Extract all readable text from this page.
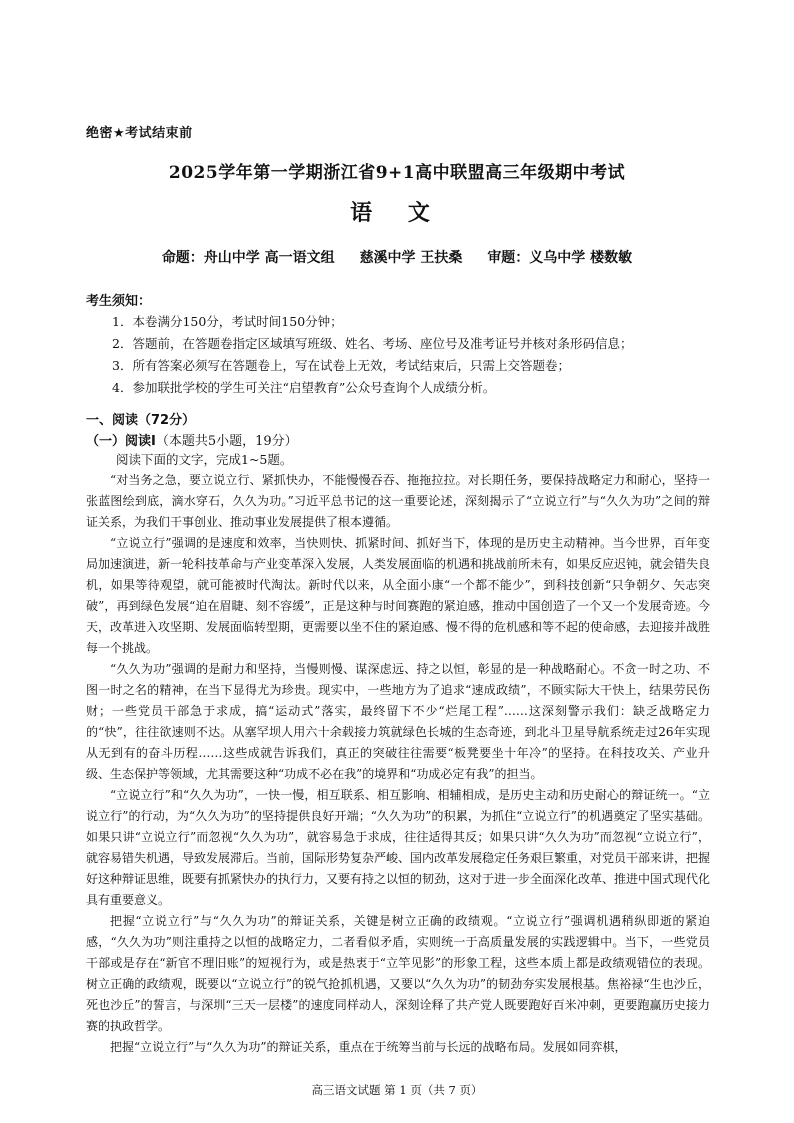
绝密★考试结束前
2025学年第一学期浙江省9+1高中联盟高三年级期中考试
语 文
命题：舟山中学 高一语文组 慈溪中学 王扶桑 审题：义乌中学 楼数敏
考生须知：
1．本卷满分150分，考试时间150分钟；
2．答题前，在答题卷指定区域填写班级、姓名、考场、座位号及准考证号并核对条形码信息；
3．所有答案必须写在答题卷上，写在试卷上无效，考试结束后，只需上交答题卷；
4．参加联批学校的学生可关注“启望教育”公众号查询个人成绩分析。
一、阅读（72分）
（一）阅读Ⅰ（本题共5小题，19分）
阅读下面的文字，完成1~5题。

“对当务之急，要立说立行、紧抓快办，不能慢慢吞吞、拖拖拉拉。对长期任务，要保持战略定力和耐心，坚持一张蓝图绘到底，滴水穿石，久久为功。”习近平总书记的这一重要论述，深刻揭示了“立说立行”与“久久为功”之间的辩证关系，为我们干事创业、推动事业发展提供了根本遵循。

“立说立行”强调的是速度和效率，当快则快、抓紧时间、抓好当下，体现的是历史主动精神。当今世界，百年变局加速演进，新一轮科技革命与产业变革深入发展，人类发展面临的机遇和挑战前所未有，如果反应迟钝，就会错失良机，如果等待观望，就可能被时代淘汰。新时代以来，从全面小康“一个都不能少”，到科技创新“只争朝夕、矢志突破”，再到绿色发展“迫在眉睫、刻不容缓”，正是这种与时间赛跑的紧迫感，推动中国创造了一个又一个发展奇迹。今天，改革进入攻坚期、发展面临转型期，更需要以坐不住的紧迫感、慢不得的危机感和等不起的使命感，去迎接并战胜每一个挑战。

“久久为功”强调的是耐力和坚持，当慢则慢、谋深虑远、持之以恒，彰显的是一种战略耐心。不贪一时之功、不图一时之名的精神，在当下显得尤为珍贵。现实中，一些地方为了追求“速成政绩”，不顾实际大干快上，结果劳民伤财；一些党员干部急于求成，搞“运动式”落实，最终留下不少“烂尾工程”……这深刻警示我们：缺乏战略定力的“快”，往往欲速则不达。从塞罕坝人用六十余载接力筑就绿色长城的生态奇迹，到北斗卫星导航系统走过26年实现从无到有的奋斗历程……这些成就告诉我们，真正的突破往往需要“板凳要坐十年冷”的坚持。在科技攻关、产业升级、生态保护等领域，尤其需要这种“功成不必在我”的境界和“功成必定有我”的担当。

“立说立行”和“久久为功”，一快一慢，相互联系、相互影响、相辅相成，是历史主动和历史耐心的辩证统一。“立说立行”的行动，为“久久为功”的坚持提供良好开端；“久久为功”的积累，为抓住“立说立行”的机遇奠定了坚实基础。如果只讲“立说立行”而忽视“久久为功”，就容易急于求成，往往适得其反；如果只讲“久久为功”而忽视“立说立行”，就容易错失机遇，导致发展滞后。当前，国际形势复杂严峻、国内改革发展稳定任务艰巨繁重，对党员干部来讲，把握好这种辩证思维，既要有抓紧快办的执行力，又要有持之以恒的韧劲，这对于进一步全面深化改革、推进中国式现代化具有重要意义。

把握“立说立行”与“久久为功”的辩证关系，关键是树立正确的政绩观。“立说立行”强调机遇稍纵即逝的紧迫感，“久久为功”则注重持之以恒的战略定力，二者看似矛盾，实则统一于高质量发展的实践逻辑中。当下，一些党员干部或是存在“新官不理旧账”的短视行为，或是热衷于“立竿见影”的形象工程，这些本质上都是政绩观错位的表现。树立正确的政绩观，既要以“立说立行”的锐气抢抓机遇，又要以“久久为功”的韧劲夯实发展根基。焦裕禄“生也沙丘，死也沙丘”的誓言，与深圳“三天一层楼”的速度同样动人，深刻诠释了共产党人既要跑好百米冲刺，更要跑赢历史接力赛的执政哲学。

把握“立说立行”与“久久为功”的辩证关系，重点在于统筹当前与长远的战略布局。发展如同弈棋，

高三语文试题 第 1 页（共 7 页）
